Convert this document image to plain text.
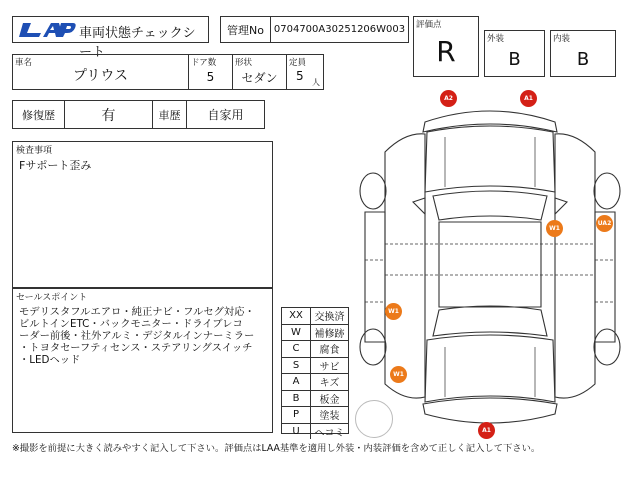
車両状態チェックシート
管理No 0704700A30251206W003	評価点
R	外装
B
内装
B
車名
プリウス
ドア数
5
形状
セダン
定員
5 人
修復歴	有	車歴	自家用
検査事項
Fサポート歪み
セールスポイント
モデリスタフルエアロ・純正ナビ・フルセグ対応・
ビルトインETC・バックモニター・ドライブレコ
ーダー前後・社外アルミ・デジタルインナーミラー
・トヨタセーフティセンス・ステアリングスイッチ
・LEDヘッド
XX	交換済
W	補修跡
C	腐食
S	サビ
A	キズ
B	板金
P	塗装
U	ヘコミ
A2	A1
W1
UA2
W1
W1
A1
※撮影を前提に大きく読みやすく記入して下さい。評価点はLAA基準を適用し外装・内装評価を含めて正しく記入して下さい。
